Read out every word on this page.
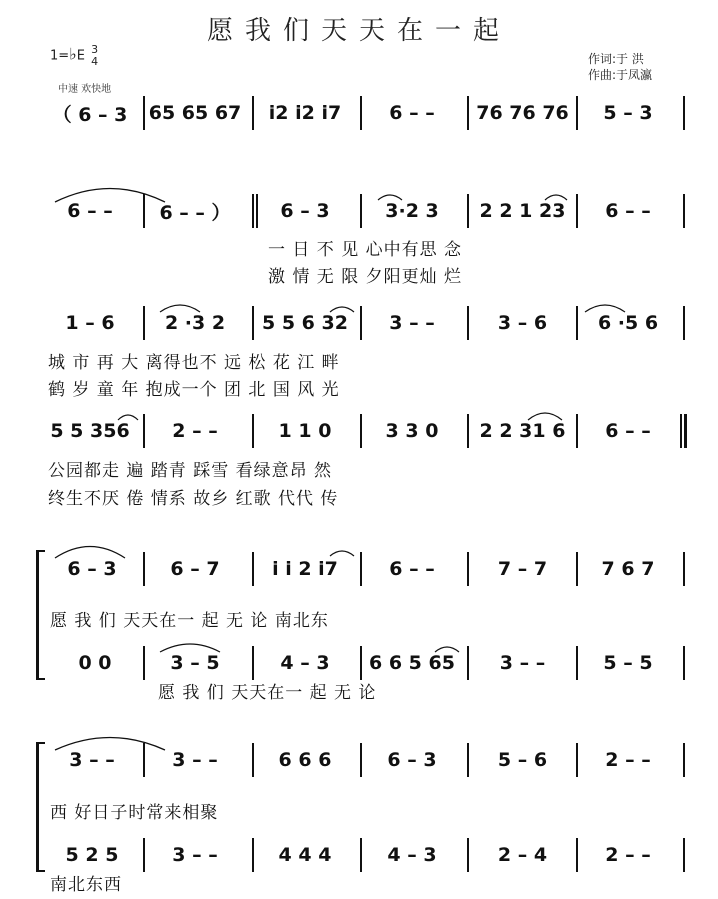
愿我们天天在一起
1=♭E 3
4
中速 欢快地
作词:于 洪
作曲:于凤瀛
（ 6 – 3	65 65 67	i2 i2 i7	6 – –	76 76 76	5 – 3
6 – –	6 – – ）	6 – 3	3·2 3	2 2 1 23	6 – –
一 日 不 见 心中有思 念
激 情 无 限 夕阳更灿 烂
1 – 6	2 ·3 2	5 5 6 32	3 – –	3 – 6	6 ·5 6
城 市 再 大 离得也不 远 松 花 江 畔
鹤 岁 童 年 抱成一个 团 北 国 风 光
5 5 356	2 – –	1 1 0	3 3 0	2 2 31 6	6 – –
公园都走 遍 踏青 踩雪 看绿意昂 然
终生不厌 倦 情系 故乡 红歌 代代 传
6 – 3	6 – 7	i i 2 i7	6 – –	7 – 7	7 6 7
愿 我 们 天天在一 起 无 论 南北东
0 0	3 – 5	4 – 3	6 6 5 65	3 – –	5 – 5
愿 我 们 天天在一 起 无 论
3 – –	3 – –	6 6 6	6 – 3	5 – 6	2 – –
西 好日子时常来相聚
5 2 5	3 – –	4 4 4	4 – 3	2 – 4	2 – –
南北东西
